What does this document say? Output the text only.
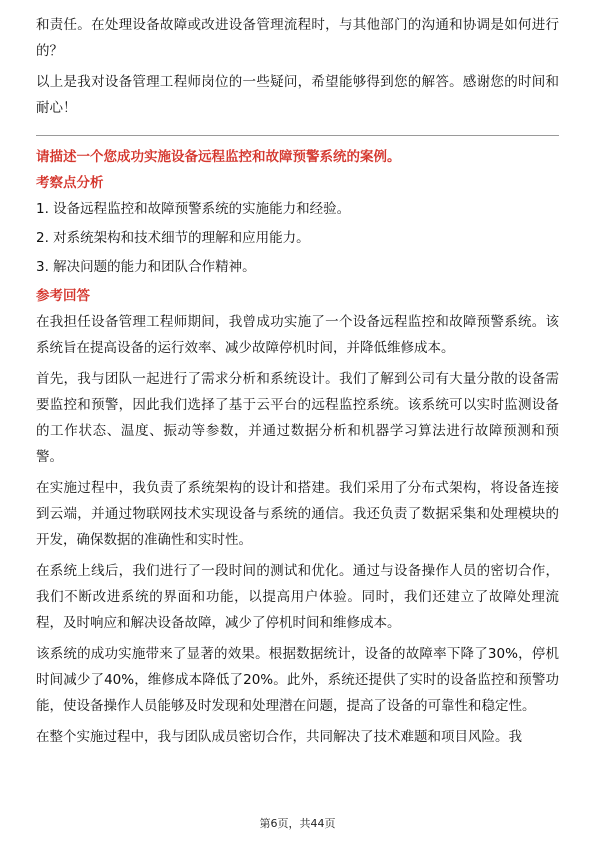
和责任。在处理设备故障或改进设备管理流程时，与其他部门的沟通和协调是如何进行的？

以上是我对设备管理工程师岗位的一些疑问，希望能够得到您的解答。感谢您的时间和耐心！

请描述一个您成功实施设备远程监控和故障预警系统的案例。

考察点分析

1. 设备远程监控和故障预警系统的实施能力和经验。

2. 对系统架构和技术细节的理解和应用能力。

3. 解决问题的能力和团队合作精神。

参考回答

在我担任设备管理工程师期间，我曾成功实施了一个设备远程监控和故障预警系统。该系统旨在提高设备的运行效率、减少故障停机时间，并降低维修成本。

首先，我与团队一起进行了需求分析和系统设计。我们了解到公司有大量分散的设备需要监控和预警，因此我们选择了基于云平台的远程监控系统。该系统可以实时监测设备的工作状态、温度、振动等参数，并通过数据分析和机器学习算法进行故障预测和预警。

在实施过程中，我负责了系统架构的设计和搭建。我们采用了分布式架构，将设备连接到云端，并通过物联网技术实现设备与系统的通信。我还负责了数据采集和处理模块的开发，确保数据的准确性和实时性。

在系统上线后，我们进行了一段时间的测试和优化。通过与设备操作人员的密切合作，我们不断改进系统的界面和功能，以提高用户体验。同时，我们还建立了故障处理流程，及时响应和解决设备故障，减少了停机时间和维修成本。

该系统的成功实施带来了显著的效果。根据数据统计，设备的故障率下降了30%，停机时间减少了40%，维修成本降低了20%。此外，系统还提供了实时的设备监控和预警功能，使设备操作人员能够及时发现和处理潜在问题，提高了设备的可靠性和稳定性。

在整个实施过程中，我与团队成员密切合作，共同解决了技术难题和项目风险。我

第6页，共44页
